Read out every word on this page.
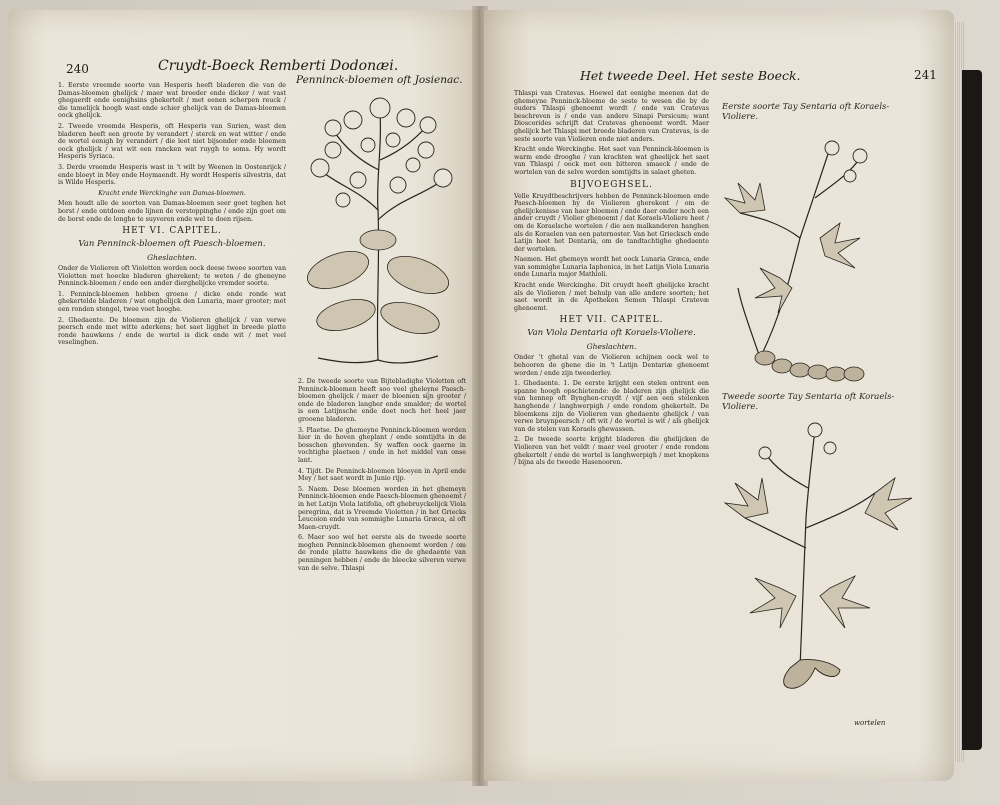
240	Cruydt-Boeck Remberti Dodonæi.

1. Eerste vreemde soorte van Hesperis heeft bladeren die van de Damas-bloemen ghelijck / maer wat breeder ende dicker / wat vast ghegaerdt ende eenighsins ghekertelt / met eenen scherpen reuck / die tamelijck hoogh wast ende schier ghelijck van de Damas-bloemen oock ghelijck.

2. Tweede vreemde Hesperis, oft Hesperis van Surien, wast den bladeren heeft een groote by verandert / sterck en wat witter / ende de wortel eenigh by verandert / die leet niet bijsonder ende bloemen oock ghelijck / wat wit een rancken wat ruygh te soms. Hy wordt Hesperis Syriaca.

3. Derde vreemde Hesperis wast in 't wilt by Weenen in Oostenrijck / ende bloeyt in Mey ende Hoymaendt. Hy wordt Hesperis silvestris, dat is Wilde Hesperis.

Kracht ende Werckinghe van Damas-bloemen.

Men houdt alle de soorten van Damas-bloemen seer goet teghen het borst / ende ontdoen ende lijnen de verstoppinghe / ende zijn goet om de borst ende de longhe te suyveren ende wel te doen rijsen.

HET VI. CAPITEL.
Van Penninck-bloemen oft Paesch-bloemen.
Gheslachten.

Onder de Violieren oft Violetten worden oock deese tweee soorten van Violetten met hoecke bladeren gherekent; te weten / de gheneyne Penninck-bloemen / ende een ander dierghelijcke vremder soorte.

1. Penninck-bloemen hebben groene / dicke ende ronde wat ghekertelde bladeren / wat onghelijck den Lunaria, maer grooter; met een ronden stengel, twee voet hooghe.

2. Ghedaente. De bloemen zijn de Violieren ghelijck / van verwe peersch ende met witte aderkens; het saet ligghet in breede platte ronde hauwkens / ende de wortel is dick ende wit / met veel veselinghen.

Penninck-bloemen oft Josienac.

2. De tweede soorte van Bijtebladighe Violetten oft Penninck-bloemen heeft soo veel gheleyne Paesch-bloemen ghelijck / maer de bloemen sijn grooter / ende de bladeren langher ende smalder; de wortel is een Latijnsche ende doet noch het heel jaer grooene bladeren.

3. Plaetse. De ghemeyne Penninck-bloemen worden hier in de hoven gheplant / ende somtijdts in de bosschen ghevonden. Sy waffen oock gaerne in vochtighe plaetsen / ende in het middel van onse lant.

4. Tijdt. De Penninck-bloemen bloeyen in April ende Mey / het saet wordt in Junio rijp.

5. Naem. Dese bloemen worden in het ghemeyn Penninck-bloemen ende Paesch-bloemen ghenoemt / in het Latijn Viola latifolia, oft ghebruyckelijck Viola peregrina, dat is Vreemde Violetten / in het Griecks Leucoion ende van sommighe Lunaria Græca, al oft Maen-cruydt.

6. Maer soo wel het eerste als de tweede soorte moghen Penninck-bloemen ghenoemt worden / om de ronde platte hauwkens die de ghedaente van penningen hebben / ende de bleecke silveren verwe van de selve. Thlaspi

Het tweede Deel. Het seste Boeck.	241

Thlaspi van Cratevas. Hoewel dat eenighe meenen dat de ghemeyne Penninck-bloeme de seste te wesen die by de ouders Thlaspi ghenoemt wordt / ende van Cratevas beschreven is / ende van andere Sinapi Persicum; want Dioscorides schrijft dat Cratevas ghenoemt wordt. Maer ghelijck het Thlaspi met breede bladeren van Cratevas, is de seste soorte van Violieren ende niet anders.

Kracht ende Werckinghe. Het saet van Penninck-bloemen is warm ende drooghe / van krachten wat gheelijck het saet van Thlaspi / oock met een bitteren smaeck / ende de wortelen van de selve worden somtijdts in salaet gheten.

BIJVOEGHSEL.

Velle Kruydtbeschrijvers hebben de Penninck-bloemen ende Paesch-bloemen by de Violieren gherekent / om de ghelijckenisse van haer bloemen / ende daer onder noch een ander cruydt / Violier ghenoemt / dat Koraels-Violiere heet / om de Koraelsche wortelen / die aen malkanderen hanghen als de Koraelen van een paternoster. Van het Griecksch ende Latijn heet het Dentaria, om de tandtachtighe ghedaente der wortelen.

Naemen. Het ghemeyn wordt het oock Lunaria Græca, ende van sommighe Lunaria Iaphonica, in het Latijn Viola Lunaria ende Lunaria major Mathioli.

Kracht ende Werckinghe. Dit cruydt heeft ghelijcke kracht als de Violieren / met behulp van alle andere soorten; het saet wordt in de Apotheken Semen Thlaspi Cratevæ ghenoemt.

HET VII. CAPITEL.
Van Viola Dentaria oft Koraels-Violiere.
Gheslachten.

Onder 't ghetal van de Violieren schijnen oock wel te behooren de ghene die in 't Latijn Dentariæ ghenoemt worden / ende zijn tweederley.

1. Ghedaente. 1. De eerste krijght een stelen ontrent een spanne hoogh opschietende: de bladeren zijn ghelijck die van hennep oft Bynghen-cruydt / vijf aen een stelenken hanghende / langhwerpigh / ende rondom ghekertelt. De bloemkens zijn de Violieren van ghedaente ghelijck / van verwe bruynpeersch / oft wit / de wortel is wit / als ghelijck van de stelen van Koraels ghewassen.

2. De tweede soorte krijght bladeren die ghelijcken de Violieren van het veldt / maer veel grooter / ende rondom ghekertelt / ende de wortel is langhwerpigh / met knopkens / bijna als de tweede Hasenooren.

Eerste soorte Tay Sentaria oft Koraels-Violiere.
Tweede soorte Tay Sentaria oft Koraels-Violiere.
wortelen
